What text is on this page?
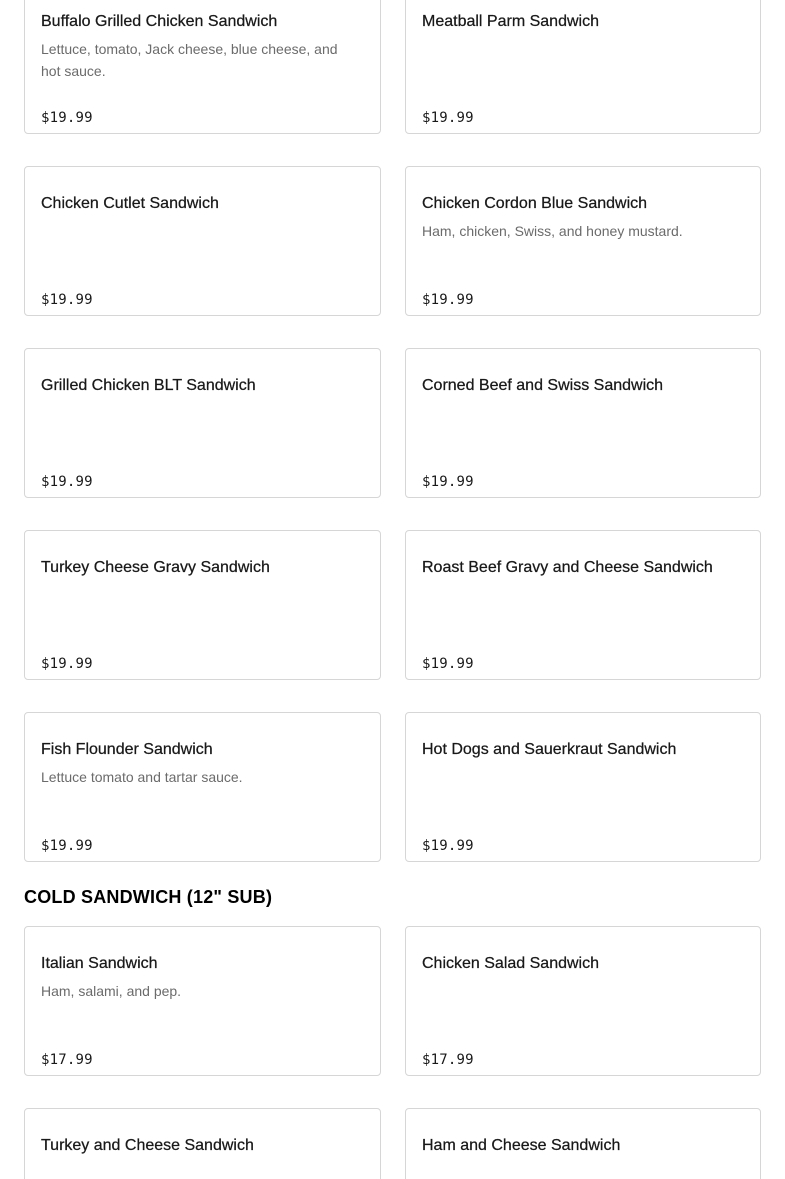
Buffalo Grilled Chicken Sandwich
Lettuce, tomato, Jack cheese, blue cheese, and hot sauce.
$19.99
Meatball Parm Sandwich
$19.99
Chicken Cutlet Sandwich
$19.99
Chicken Cordon Blue Sandwich
Ham, chicken, Swiss, and honey mustard.
$19.99
Grilled Chicken BLT Sandwich
$19.99
Corned Beef and Swiss Sandwich
$19.99
Turkey Cheese Gravy Sandwich
$19.99
Roast Beef Gravy and Cheese Sandwich
$19.99
Fish Flounder Sandwich
Lettuce tomato and tartar sauce.
$19.99
Hot Dogs and Sauerkraut Sandwich
$19.99
COLD SANDWICH (12" SUB)
Italian Sandwich
Ham, salami, and pep.
$17.99
Chicken Salad Sandwich
$17.99
Turkey and Cheese Sandwich	Ham and Cheese Sandwich
